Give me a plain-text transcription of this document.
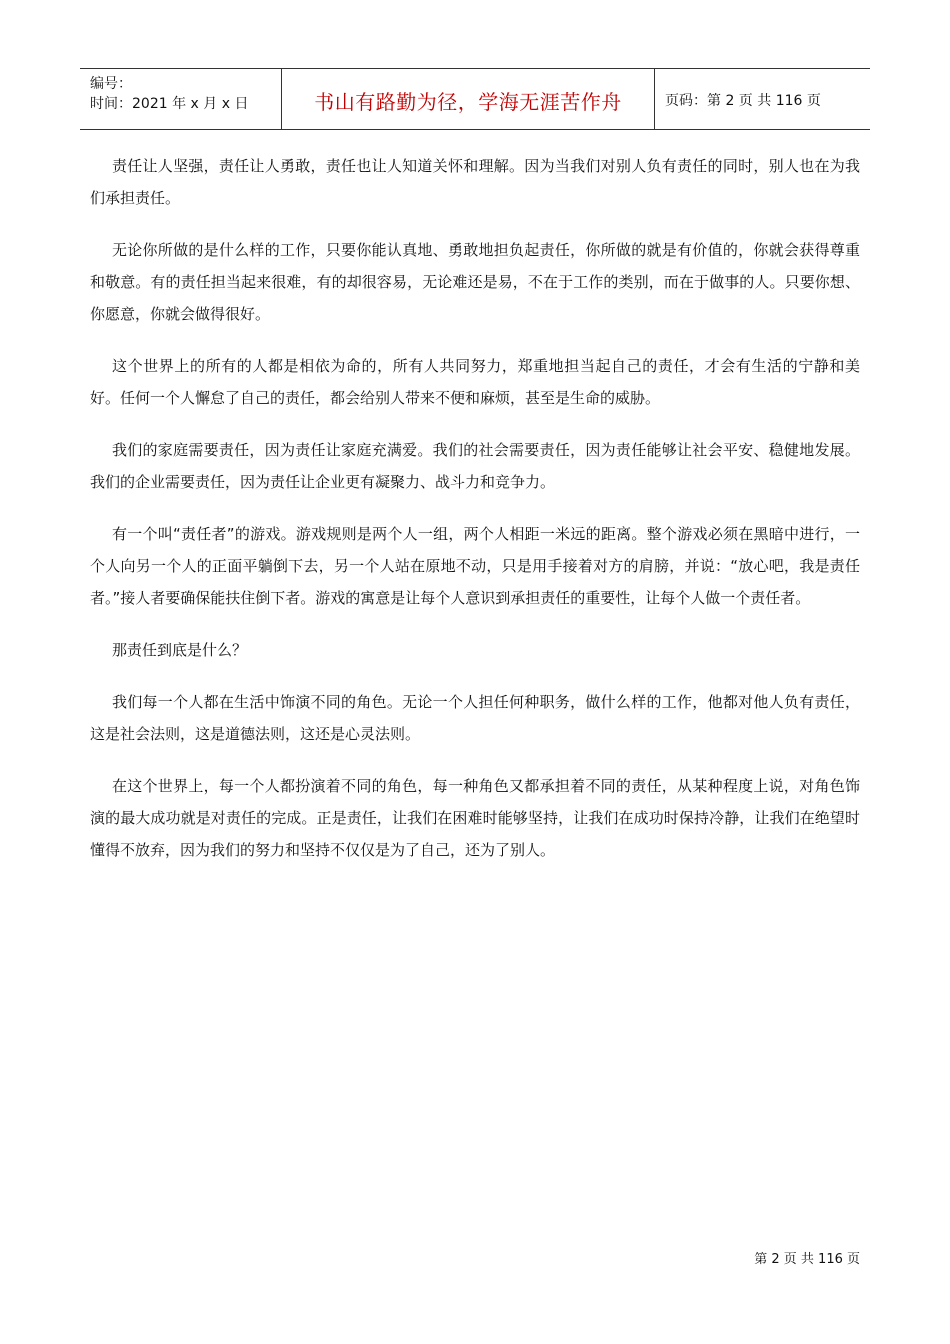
编号：
时间：2021 年 x 月 x 日	书山有路勤为径，学海无涯苦作舟	页码：第 2 页 共 116 页

责任让人坚强，责任让人勇敢，责任也让人知道关怀和理解。因为当我们对别人负有责任的同时，别人也在为我们承担责任。

无论你所做的是什么样的工作，只要你能认真地、勇敢地担负起责任，你所做的就是有价值的，你就会获得尊重和敬意。有的责任担当起来很难，有的却很容易，无论难还是易，不在于工作的类别，而在于做事的人。只要你想、你愿意，你就会做得很好。

这个世界上的所有的人都是相依为命的，所有人共同努力，郑重地担当起自己的责任，才会有生活的宁静和美好。任何一个人懈怠了自己的责任，都会给别人带来不便和麻烦，甚至是生命的威胁。

我们的家庭需要责任，因为责任让家庭充满爱。我们的社会需要责任，因为责任能够让社会平安、稳健地发展。我们的企业需要责任，因为责任让企业更有凝聚力、战斗力和竞争力。

有一个叫“责任者”的游戏。游戏规则是两个人一组，两个人相距一米远的距离。整个游戏必须在黑暗中进行，一个人向另一个人的正面平躺倒下去，另一个人站在原地不动，只是用手接着对方的肩膀，并说：“放心吧，我是责任者。”接人者要确保能扶住倒下者。游戏的寓意是让每个人意识到承担责任的重要性，让每个人做一个责任者。

那责任到底是什么？

我们每一个人都在生活中饰演不同的角色。无论一个人担任何种职务，做什么样的工作，他都对他人负有责任，这是社会法则，这是道德法则，这还是心灵法则。

在这个世界上，每一个人都扮演着不同的角色，每一种角色又都承担着不同的责任，从某种程度上说，对角色饰演的最大成功就是对责任的完成。正是责任，让我们在困难时能够坚持，让我们在成功时保持冷静，让我们在绝望时懂得不放弃，因为我们的努力和坚持不仅仅是为了自己，还为了别人。

第 2 页 共 116 页
